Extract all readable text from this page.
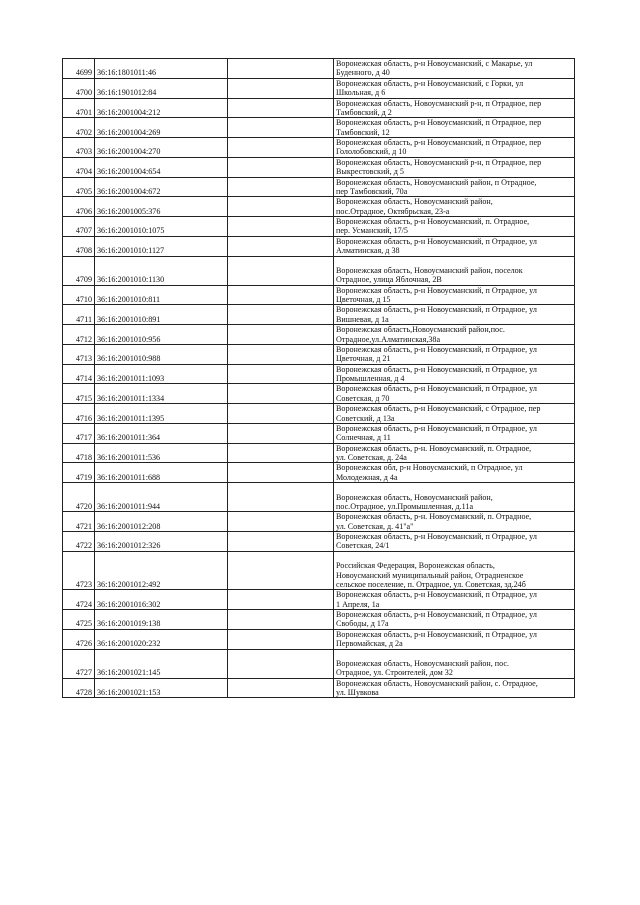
4699	36:16:1801011:46		Воронежская область, р-н Новоусманский, с Макарье, ул
Буденного, д 40

4700	36:16:1901012:84		Воронежская область, р-н Новоусманский, с Горки, ул
Школьная, д 6

4701	36:16:2001004:212		Воронежская область, Новоусманский р-н, п Отрадное, пер
Тамбовский, д 2

4702	36:16:2001004:269		Воронежская область, р-н Новоусманский, п Отрадное, пер
Тамбовский, 12

4703	36:16:2001004:270		Воронежская область, р-н Новоусманский, п Отрадное, пер
Гололобовский, д 10

4704	36:16:2001004:654		Воронежская область, Новоусманский р-н, п Отрадное, пер
Выкрестовский, д 5

4705	36:16:2001004:672		Воронежская область, Новоусманский район, п Отрадное,
пер Тамбовский, 70а

4706	36:16:2001005:376		Воронежская область, Новоусманский район,
пос.Отрадное, Октябрьская, 23-а

4707	36:16:2001010:1075		Воронежская область, р-н Новоусманский, п. Отрадное,
пер. Усманский, 17/5

4708	36:16:2001010:1127		Воронежская область, р-н Новоусманский, п Отрадное, ул
Алматинская, д 38

4709	36:16:2001010:1130		Воронежская область, Новоусманский район, поселок
Отрадное, улица Яблочная, 2В

4710	36:16:2001010:811		Воронежская область, р-н Новоусманский, п Отрадное, ул
Цветочная, д 15

4711	36:16:2001010:891		Воронежская область, р-н Новоусманский, п Отрадное, ул
Вишневая, д 1а

4712	36:16:2001010:956		Воронежская область,Новоусманский район,пос.
Отрадное,ул.Алматинская,38а

4713	36:16:2001010:988		Воронежская область, р-н Новоусманский, п Отрадное, ул
Цветочная, д 21

4714	36:16:2001011:1093		Воронежская область, р-н Новоусманский, п Отрадное, ул
Промышленная, д 4

4715	36:16:2001011:1334		Воронежская область, р-н Новоусманский, п Отрадное, ул
Советская, д 70

4716	36:16:2001011:1395		Воронежская область, р-н Новоусманский, с Отрадное, пер
Советский, д 13а

4717	36:16:2001011:364		Воронежская область, р-н Новоусманский, п Отрадное, ул
Солнечная, д 11

4718	36:16:2001011:536		Воронежская область, р-н. Новоусманский, п. Отрадное,
ул. Советская, д. 24а

4719	36:16:2001011:688		Воронежская обл, р-н Новоусманский, п Отрадное, ул
Молодежная, д 4а

4720	36:16:2001011:944		Воронежская область, Новоусманский район,
пос.Отрадное, ул.Промышленная, д.11а

4721	36:16:2001012:208		Воронежская область, р-н. Новоусманский, п. Отрадное,
ул. Советская, д. 41"а"

4722	36:16:2001012:326		Воронежская область, р-н Новоусманский, п Отрадное, ул
Советская, 24/1

4723	36:16:2001012:492		Российская Федерация, Воронежская область,
Новоусманский муниципальный район, Отрадненское
сельское поселение, п. Отрадное, ул. Советская, зд.24б

4724	36:16:2001016:302		Воронежская область, р-н Новоусманский, п Отрадное, ул
1 Апреля, 1а

4725	36:16:2001019:138		Воронежская область, р-н Новоусманский, п Отрадное, ул
Свободы, д 17а

4726	36:16:2001020:232		Воронежская область, р-н Новоусманский, п Отрадное, ул
Первомайская, д 2а

4727	36:16:2001021:145		Воронежская область, Новоусманский район, пос.
Отрадное, ул. Строителей, дом 32

4728	36:16:2001021:153		Воронежская область, Новоусманский район, с. Отрадное,
ул. Шувкова
